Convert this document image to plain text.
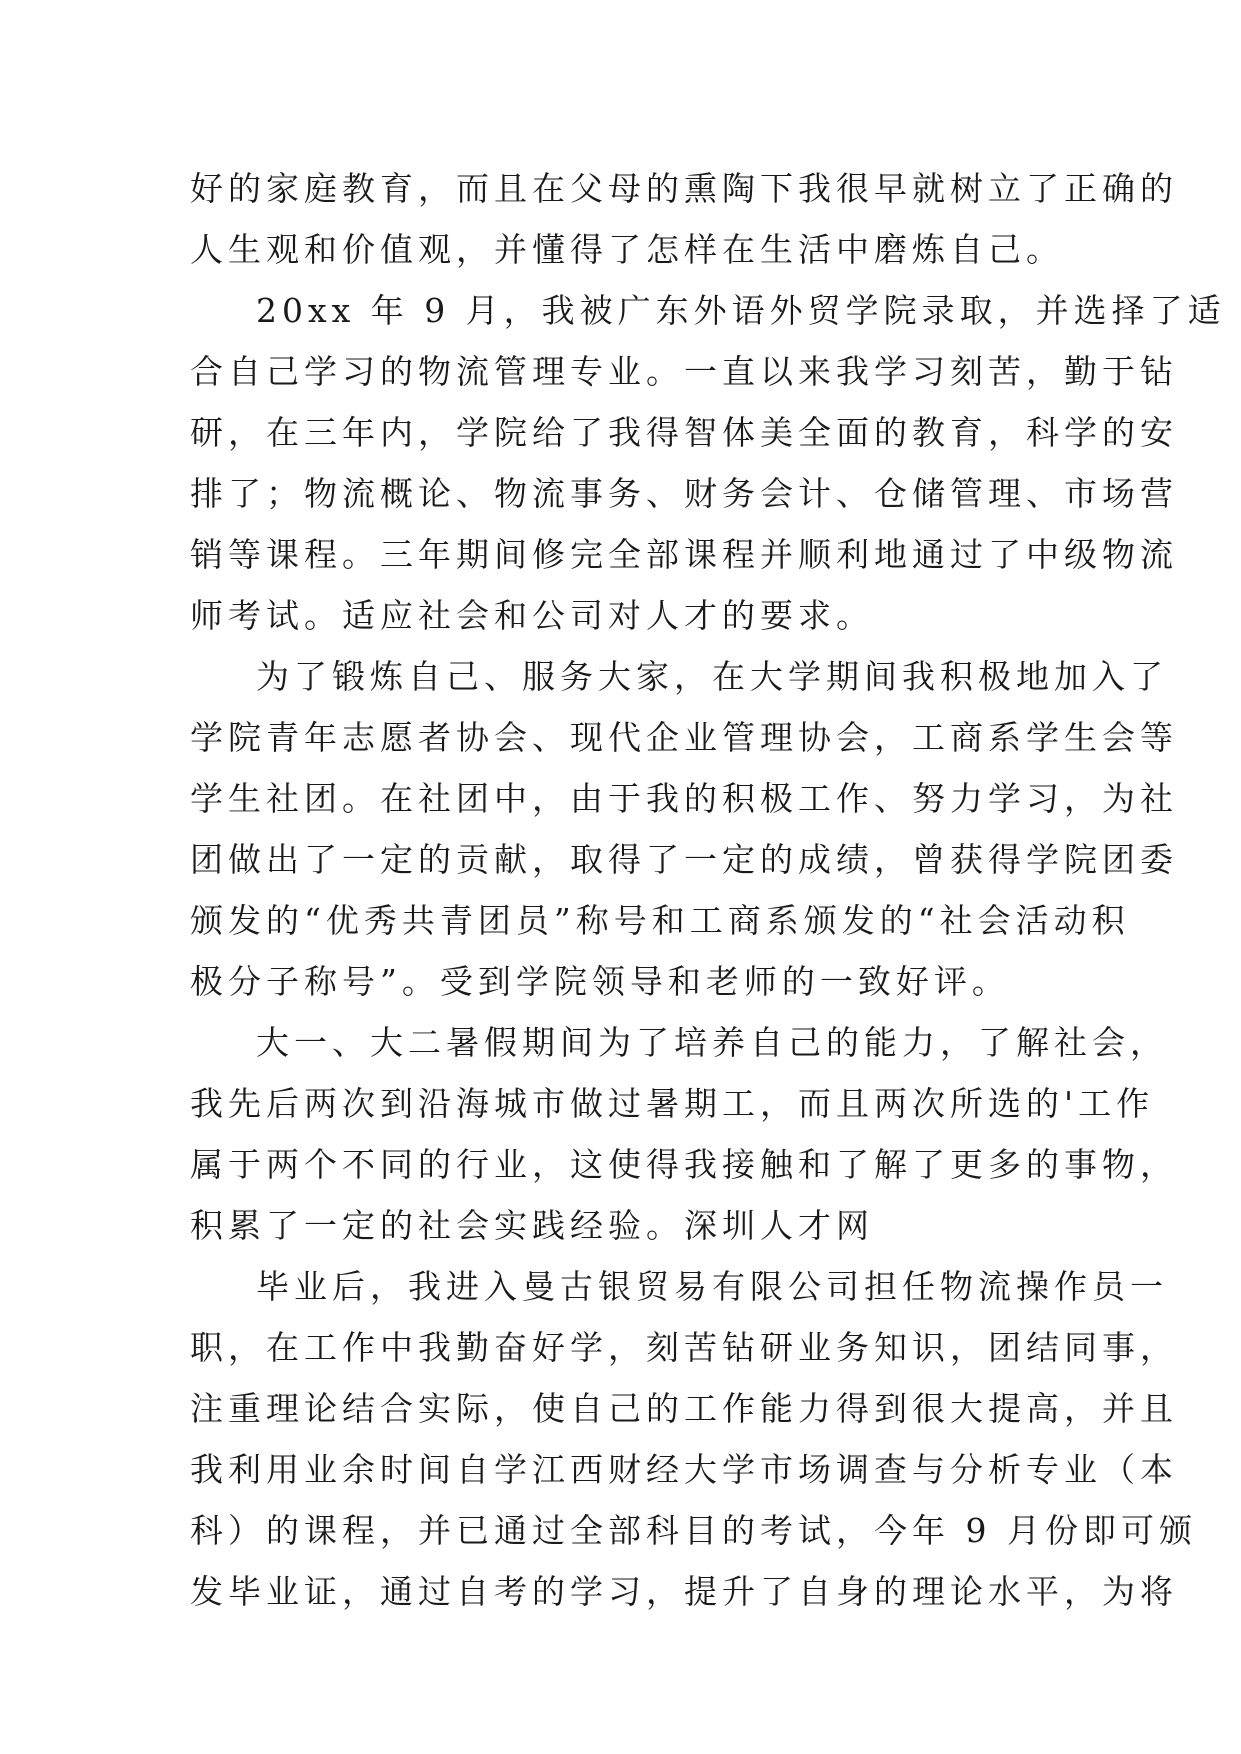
好的家庭教育，而且在父母的熏陶下我很早就树立了正确的
人生观和价值观，并懂得了怎样在生活中磨炼自己。
20xx 年 9 月，我被广东外语外贸学院录取，并选择了适
合自己学习的物流管理专业。一直以来我学习刻苦，勤于钻
研，在三年内，学院给了我得智体美全面的教育，科学的安
排了；物流概论、物流事务、财务会计、仓储管理、市场营
销等课程。三年期间修完全部课程并顺利地通过了中级物流
师考试。适应社会和公司对人才的要求。
为了锻炼自己、服务大家，在大学期间我积极地加入了
学院青年志愿者协会、现代企业管理协会，工商系学生会等
学生社团。在社团中，由于我的积极工作、努力学习，为社
团做出了一定的贡献，取得了一定的成绩，曾获得学院团委
颁发的“优秀共青团员”称号和工商系颁发的“社会活动积
极分子称号”。受到学院领导和老师的一致好评。
大一、大二暑假期间为了培养自己的能力，了解社会，
我先后两次到沿海城市做过暑期工，而且两次所选的'工作
属于两个不同的行业，这使得我接触和了解了更多的事物，
积累了一定的社会实践经验。深圳人才网
毕业后，我进入曼古银贸易有限公司担任物流操作员一
职，在工作中我勤奋好学，刻苦钻研业务知识，团结同事，
注重理论结合实际，使自己的工作能力得到很大提高，并且
我利用业余时间自学江西财经大学市场调查与分析专业（本
科）的课程，并已通过全部科目的考试，今年 9 月份即可颁
发毕业证，通过自考的学习，提升了自身的理论水平，为将
